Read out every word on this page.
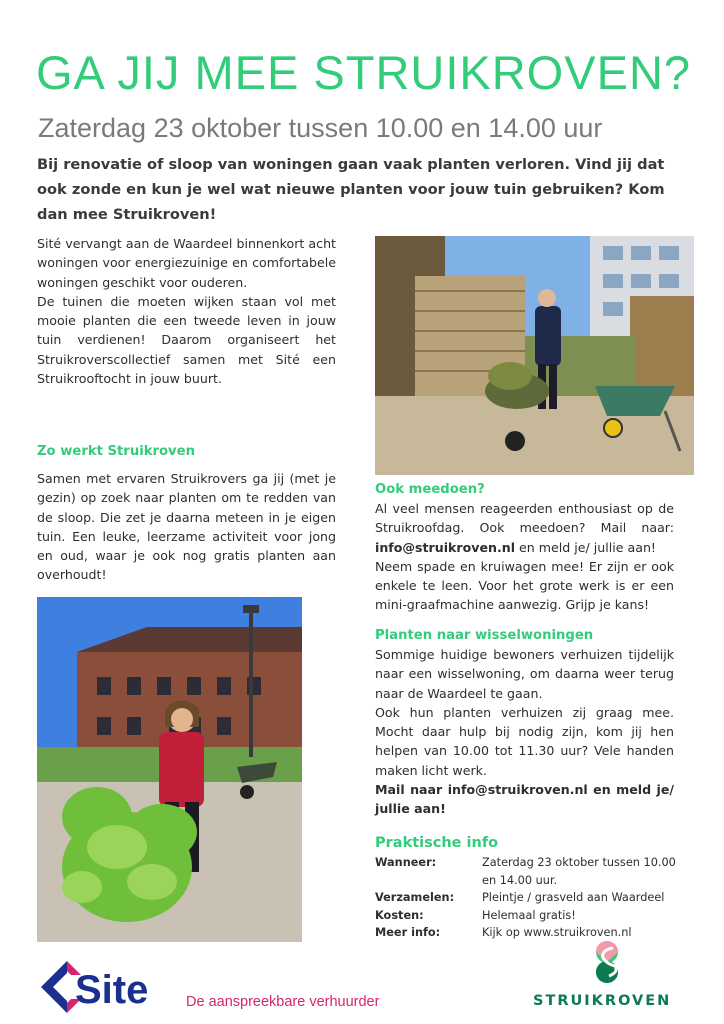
GA JIJ MEE STRUIKROVEN?
Zaterdag 23 oktober tussen 10.00 en 14.00 uur
Bij renovatie of sloop van woningen gaan vaak planten verloren. Vind jij dat ook zonde en kun je wel wat nieuwe planten voor jouw tuin gebruiken? Kom dan mee Struikroven!

Sité vervangt aan de Waardeel binnenkort acht woningen voor energiezuinige en comfortabele woningen geschikt voor ouderen.

De tuinen die moeten wijken staan vol met mooie planten die een tweede leven in jouw tuin verdienen! Daarom organiseert het Struikroverscollectief samen met Sité een Struikrooftocht in jouw buurt.

Zo werkt Struikroven
Samen met ervaren Struikrovers ga jij (met je gezin) op zoek naar planten om te redden van de sloop. Die zet je daarna meteen in je eigen tuin. Een leuke, leerzame activiteit voor jong en oud, waar je ook nog gratis planten aan overhoudt!
Ook meedoen?

Al veel mensen reageerden enthousiast op de Struikroofdag. Ook meedoen? Mail naar: info@struikroven.nl en meld je/ jullie aan!

Neem spade en kruiwagen mee! Er zijn er ook enkele te leen. Voor het grote werk is er een mini-graafmachine aanwezig. Grijp je kans!

Planten naar wisselwoningen

Sommige huidige bewoners verhuizen tijdelijk naar een wisselwoning, om daarna weer terug naar de Waardeel te gaan.

Ook hun planten verhuizen zij graag mee. Mocht daar hulp bij nodig zijn, kom jij hen helpen van 10.00 tot 11.30 uur? Vele handen maken licht werk.

Mail naar info@struikroven.nl en meld je/ jullie aan!

Praktische info
Wanneer:	Zaterdag 23 oktober tussen 10.00 en 14.00 uur.
Verzamelen:	Pleintje / grasveld aan Waardeel
Kosten:	Helemaal gratis!
Meer info:	Kijk op www.struikroven.nl
Site	De aanspreekbare verhuurder	STRUIKROVEN
